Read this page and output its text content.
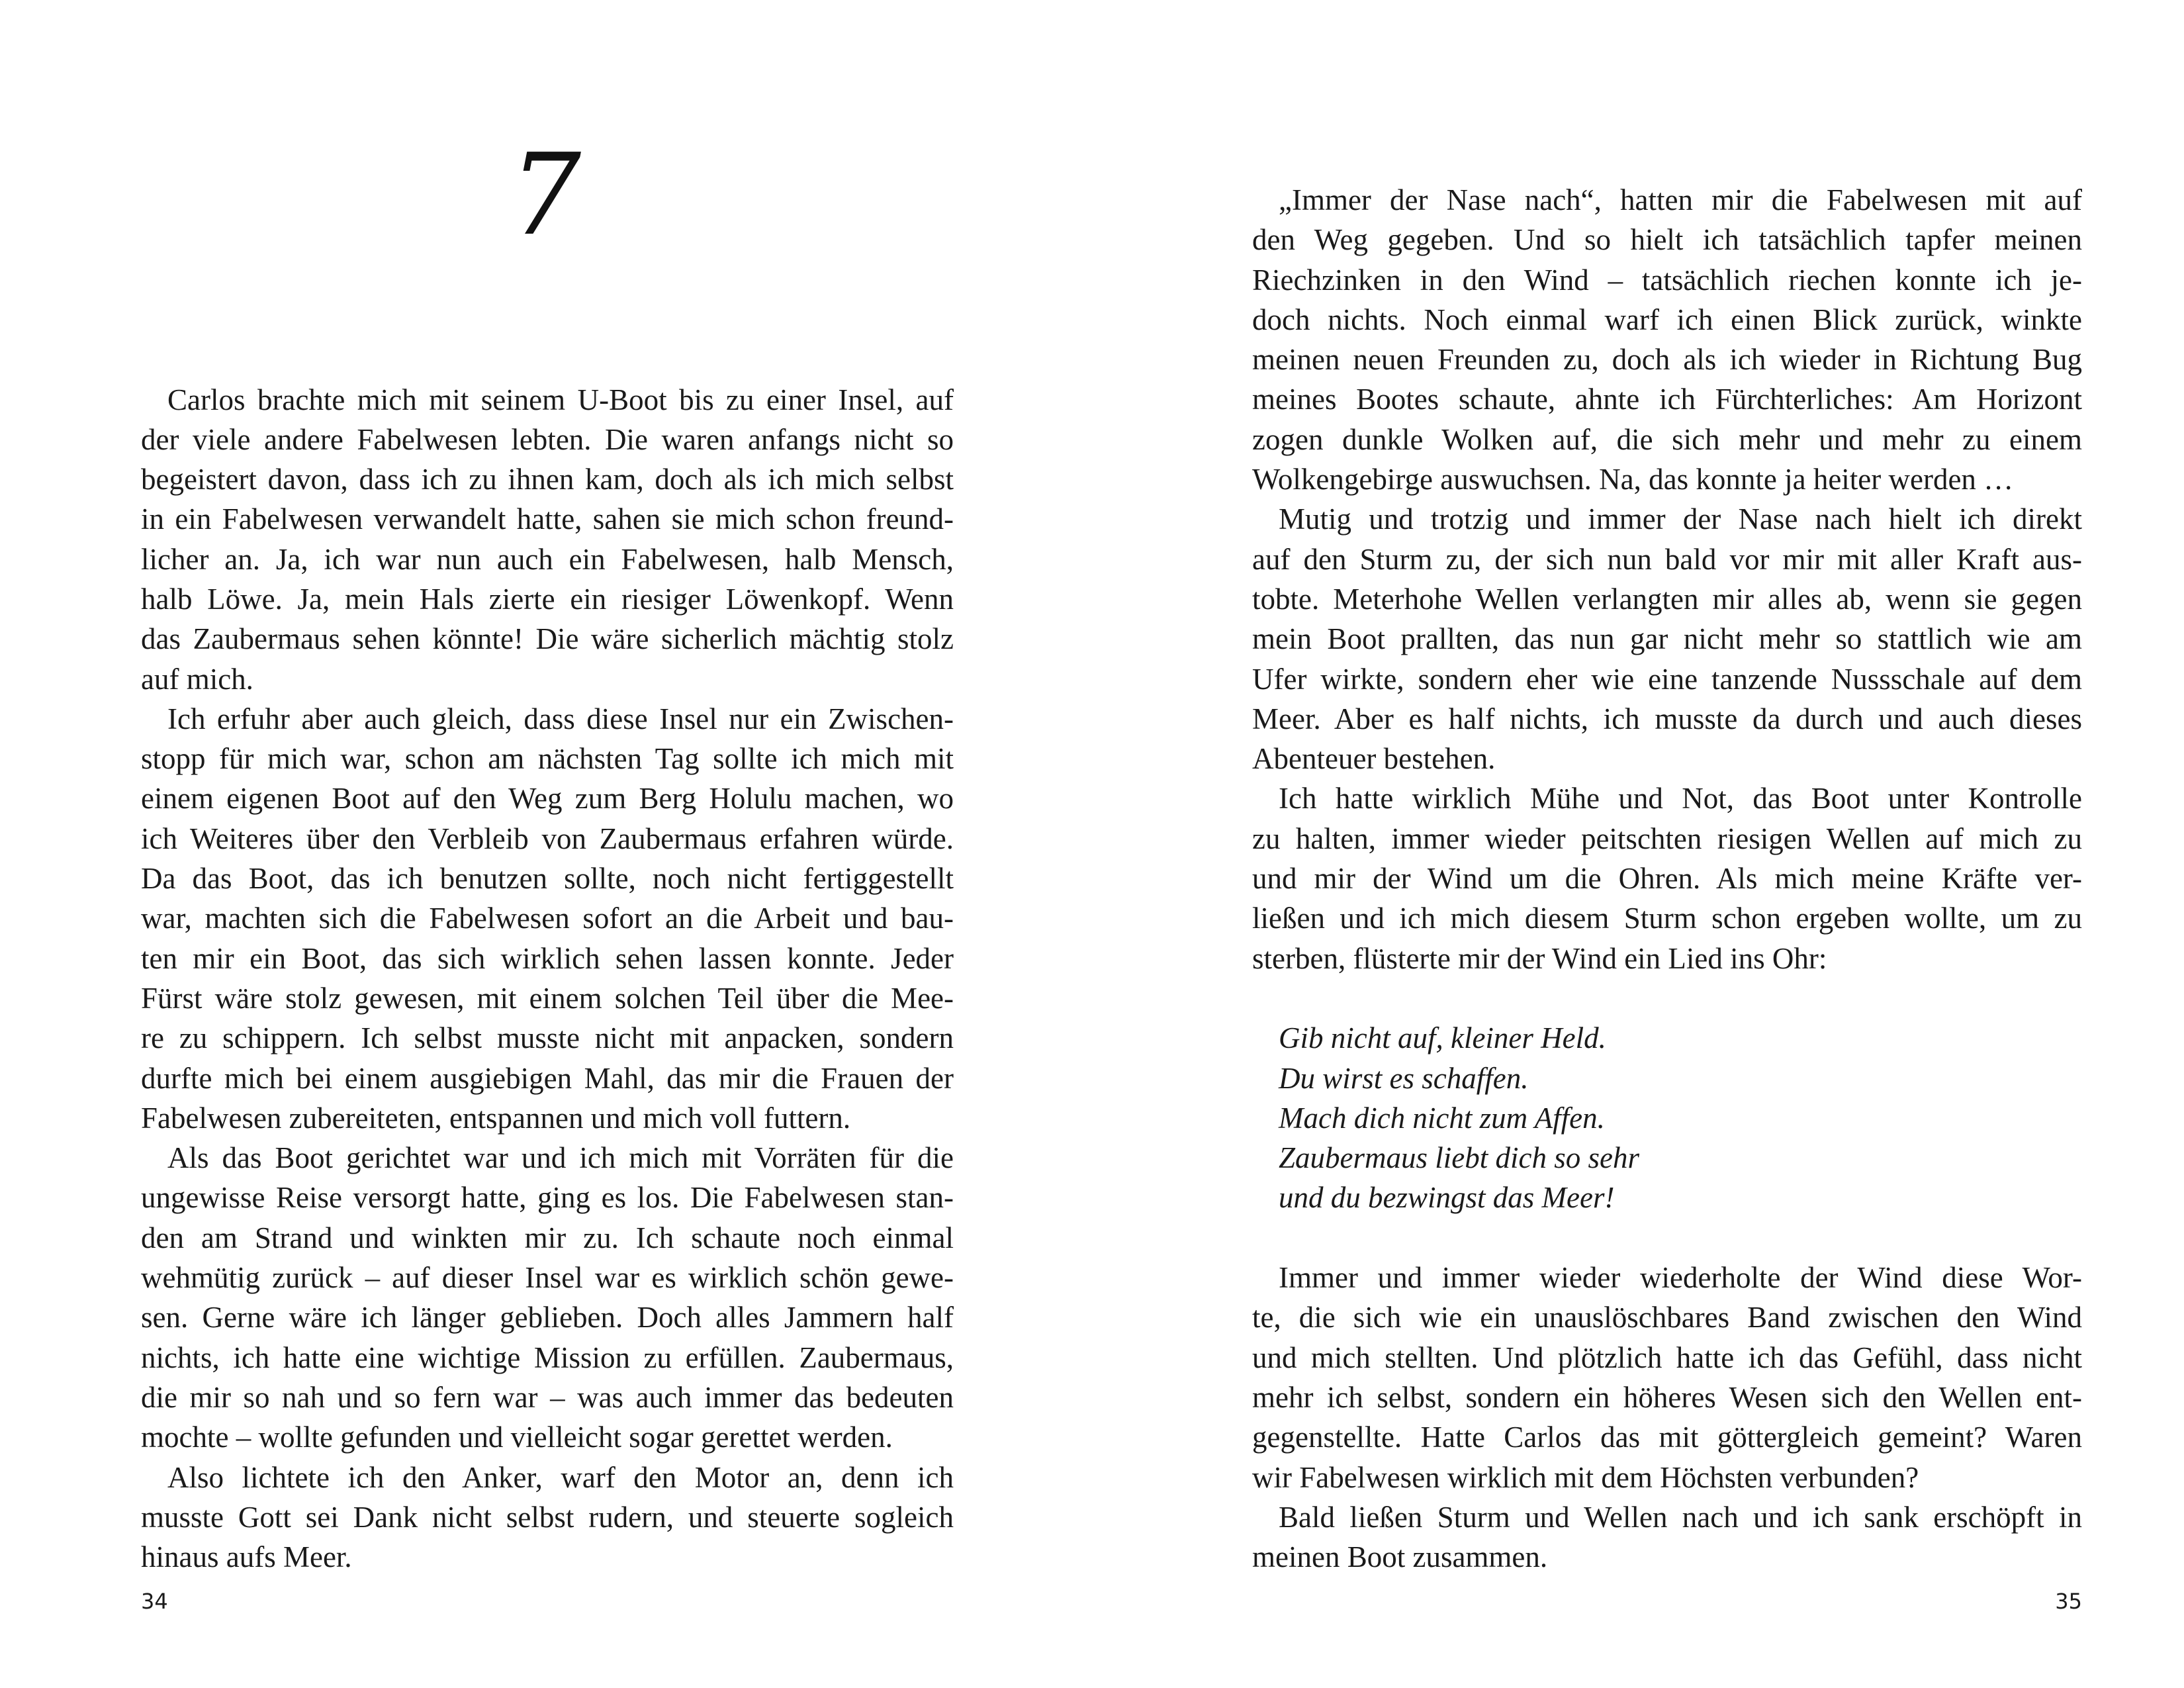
7
Carlos brachte mich mit seinem U-Boot bis zu einer Insel, auf
der viele andere Fabelwesen lebten. Die waren anfangs nicht so
begeistert davon, dass ich zu ihnen kam, doch als ich mich selbst
in ein Fabelwesen verwandelt hatte, sahen sie mich schon freund-
licher an. Ja, ich war nun auch ein Fabelwesen, halb Mensch,
halb Löwe. Ja, mein Hals zierte ein riesiger Löwenkopf. Wenn
das Zaubermaus sehen könnte! Die wäre sicherlich mächtig stolz
auf mich.
Ich erfuhr aber auch gleich, dass diese Insel nur ein Zwischen-
stopp für mich war, schon am nächsten Tag sollte ich mich mit
einem eigenen Boot auf den Weg zum Berg Holulu machen, wo
ich Weiteres über den Verbleib von Zaubermaus erfahren würde.
Da das Boot, das ich benutzen sollte, noch nicht fertiggestellt
war, machten sich die Fabelwesen sofort an die Arbeit und bau-
ten mir ein Boot, das sich wirklich sehen lassen konnte. Jeder
Fürst wäre stolz gewesen, mit einem solchen Teil über die Mee-
re zu schippern. Ich selbst musste nicht mit anpacken, sondern
durfte mich bei einem ausgiebigen Mahl, das mir die Frauen der
Fabelwesen zubereiteten, entspannen und mich voll futtern.
Als das Boot gerichtet war und ich mich mit Vorräten für die
ungewisse Reise versorgt hatte, ging es los. Die Fabelwesen stan-
den am Strand und winkten mir zu. Ich schaute noch einmal
wehmütig zurück – auf dieser Insel war es wirklich schön gewe-
sen. Gerne wäre ich länger geblieben. Doch alles Jammern half
nichts, ich hatte eine wichtige Mission zu erfüllen. Zaubermaus,
die mir so nah und so fern war – was auch immer das bedeuten
mochte – wollte gefunden und vielleicht sogar gerettet werden.
Also lichtete ich den Anker, warf den Motor an, denn ich
musste Gott sei Dank nicht selbst rudern, und steuerte sogleich
hinaus aufs Meer.
34
„Immer der Nase nach“, hatten mir die Fabelwesen mit auf
den Weg gegeben. Und so hielt ich tatsächlich tapfer meinen
Riechzinken in den Wind – tatsächlich riechen konnte ich je-
doch nichts. Noch einmal warf ich einen Blick zurück, winkte
meinen neuen Freunden zu, doch als ich wieder in Richtung Bug
meines Bootes schaute, ahnte ich Fürchterliches: Am Horizont
zogen dunkle Wolken auf, die sich mehr und mehr zu einem
Wolkengebirge auswuchsen. Na, das konnte ja heiter werden …
Mutig und trotzig und immer der Nase nach hielt ich direkt
auf den Sturm zu, der sich nun bald vor mir mit aller Kraft aus-
tobte. Meterhohe Wellen verlangten mir alles ab, wenn sie gegen
mein Boot prallten, das nun gar nicht mehr so stattlich wie am
Ufer wirkte, sondern eher wie eine tanzende Nussschale auf dem
Meer. Aber es half nichts, ich musste da durch und auch dieses
Abenteuer bestehen.
Ich hatte wirklich Mühe und Not, das Boot unter Kontrolle
zu halten, immer wieder peitschten riesigen Wellen auf mich zu
und mir der Wind um die Ohren. Als mich meine Kräfte ver-
ließen und ich mich diesem Sturm schon ergeben wollte, um zu
sterben, flüsterte mir der Wind ein Lied ins Ohr:
Gib nicht auf, kleiner Held.
Du wirst es schaffen.
Mach dich nicht zum Affen.
Zaubermaus liebt dich so sehr
und du bezwingst das Meer!
Immer und immer wieder wiederholte der Wind diese Wor-
te, die sich wie ein unauslöschbares Band zwischen den Wind
und mich stellten. Und plötzlich hatte ich das Gefühl, dass nicht
mehr ich selbst, sondern ein höheres Wesen sich den Wellen ent-
gegenstellte. Hatte Carlos das mit göttergleich gemeint? Waren
wir Fabelwesen wirklich mit dem Höchsten verbunden?
Bald ließen Sturm und Wellen nach und ich sank erschöpft in
meinen Boot zusammen.
35
